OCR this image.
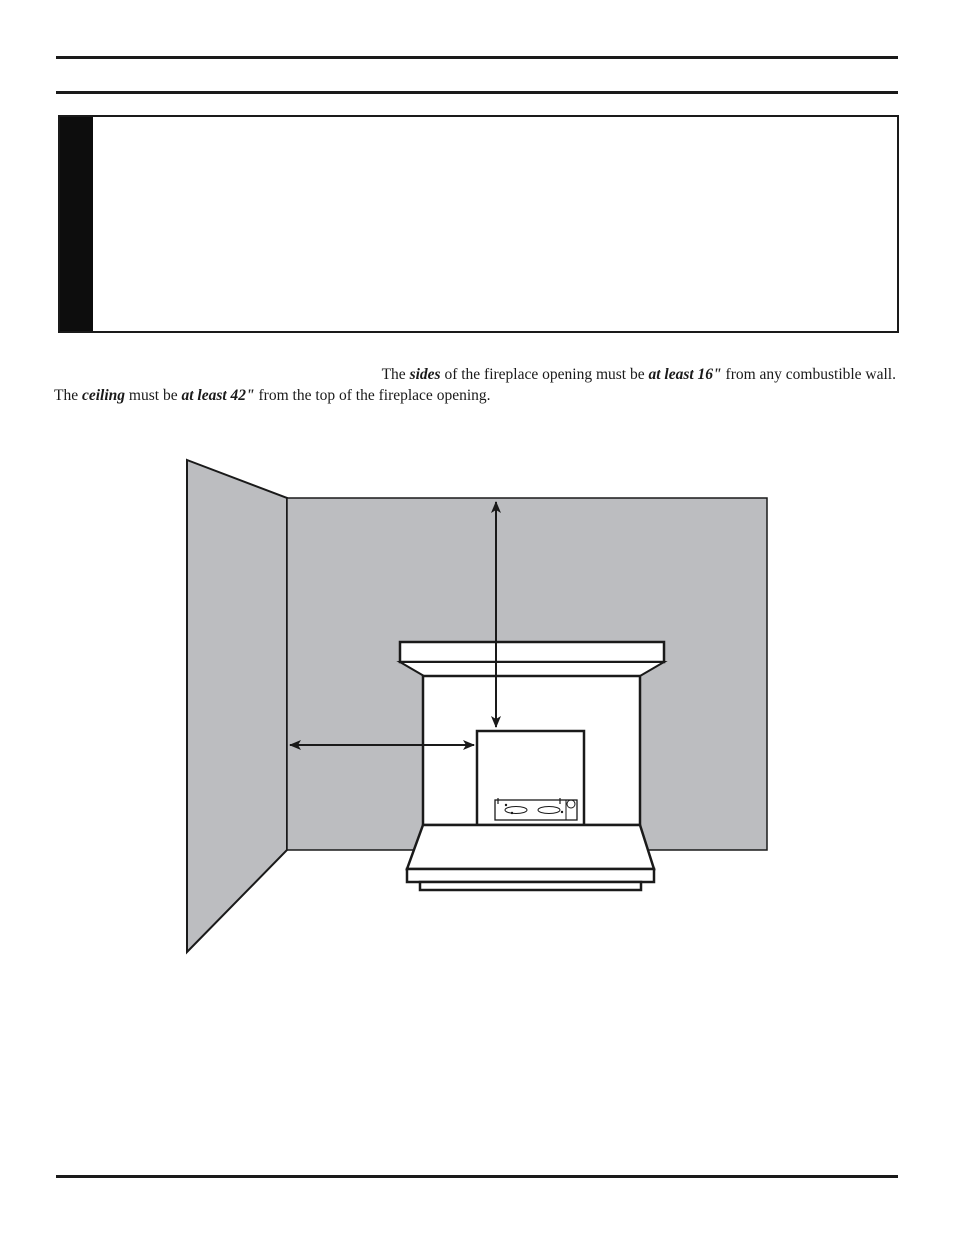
The sides of the fireplace opening must be at least 16" from any combustible wall.
The ceiling must be at least 42" from the top of the fireplace opening.
